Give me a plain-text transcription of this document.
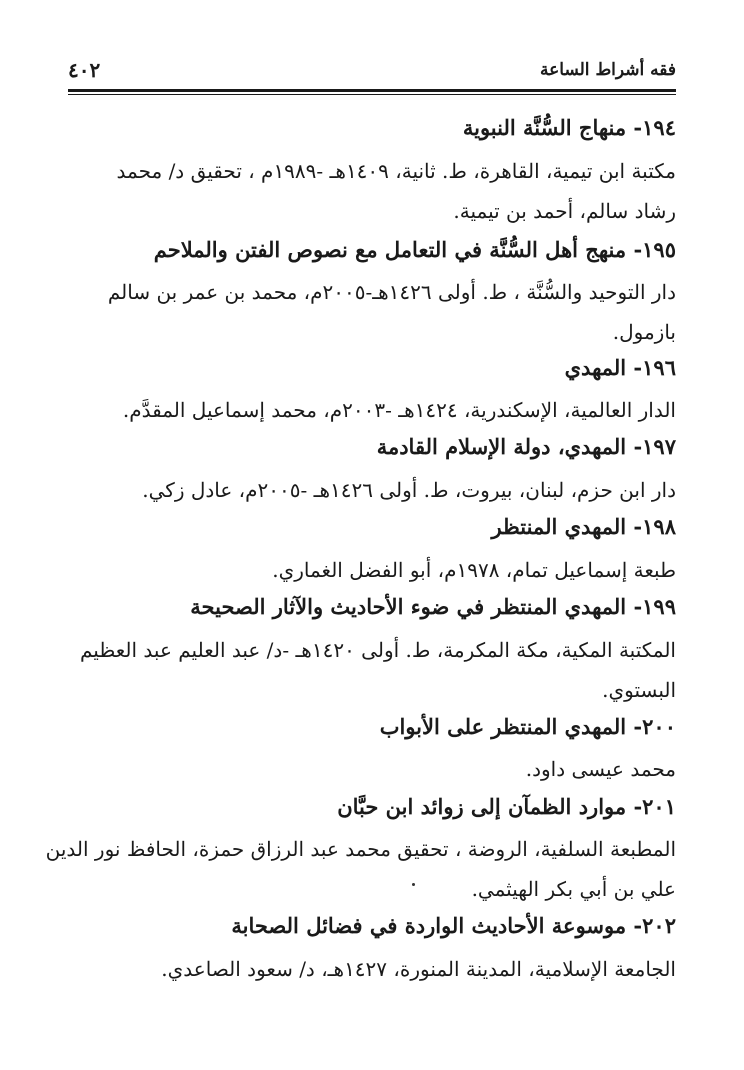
فقه أشراط الساعة
٤٠٢
١٩٤- منهاج السُّنَّة النبوية
مكتبة ابن تيمية، القاهرة، ط. ثانية، ١٤٠٩هـ -١٩٨٩م ، تحقيق د/ محمد
رشاد سالم، أحمد بن تيمية.
١٩٥- منهج أهل السُّنَّة في التعامل مع نصوص الفتن والملاحم
دار التوحيد والسُّنَّة ، ط. أولى ١٤٢٦هـ-٢٠٠٥م، محمد بن عمر بن سالم
بازمول.
١٩٦- المهدي
الدار العالمية، الإسكندرية، ١٤٢٤هـ -٢٠٠٣م، محمد إسماعيل المقدَّم.
١٩٧- المهدي، دولة الإسلام القادمة
دار ابن حزم، لبنان، بيروت، ط. أولى ١٤٢٦هـ -٢٠٠٥م، عادل زكي.
١٩٨- المهدي المنتظر
طبعة إسماعيل تمام، ١٩٧٨م، أبو الفضل الغماري.
١٩٩- المهدي المنتظر في ضوء الأحاديث والآثار الصحيحة
المكتبة المكية، مكة المكرمة، ط. أولى ١٤٢٠هـ -د/ عبد العليم عبد العظيم
البستوي.
٢٠٠- المهدي المنتظر على الأبواب
محمد عيسى داود.
٢٠١- موارد الظمآن إلى زوائد ابن حبَّان
المطبعة السلفية، الروضة ، تحقيق محمد عبد الرزاق حمزة، الحافظ نور الدين
علي بن أبي بكر الهيثمي.
٢٠٢- موسوعة الأحاديث الواردة في فضائل الصحابة
الجامعة الإسلامية، المدينة المنورة، ١٤٢٧هـ، د/ سعود الصاعدي.
